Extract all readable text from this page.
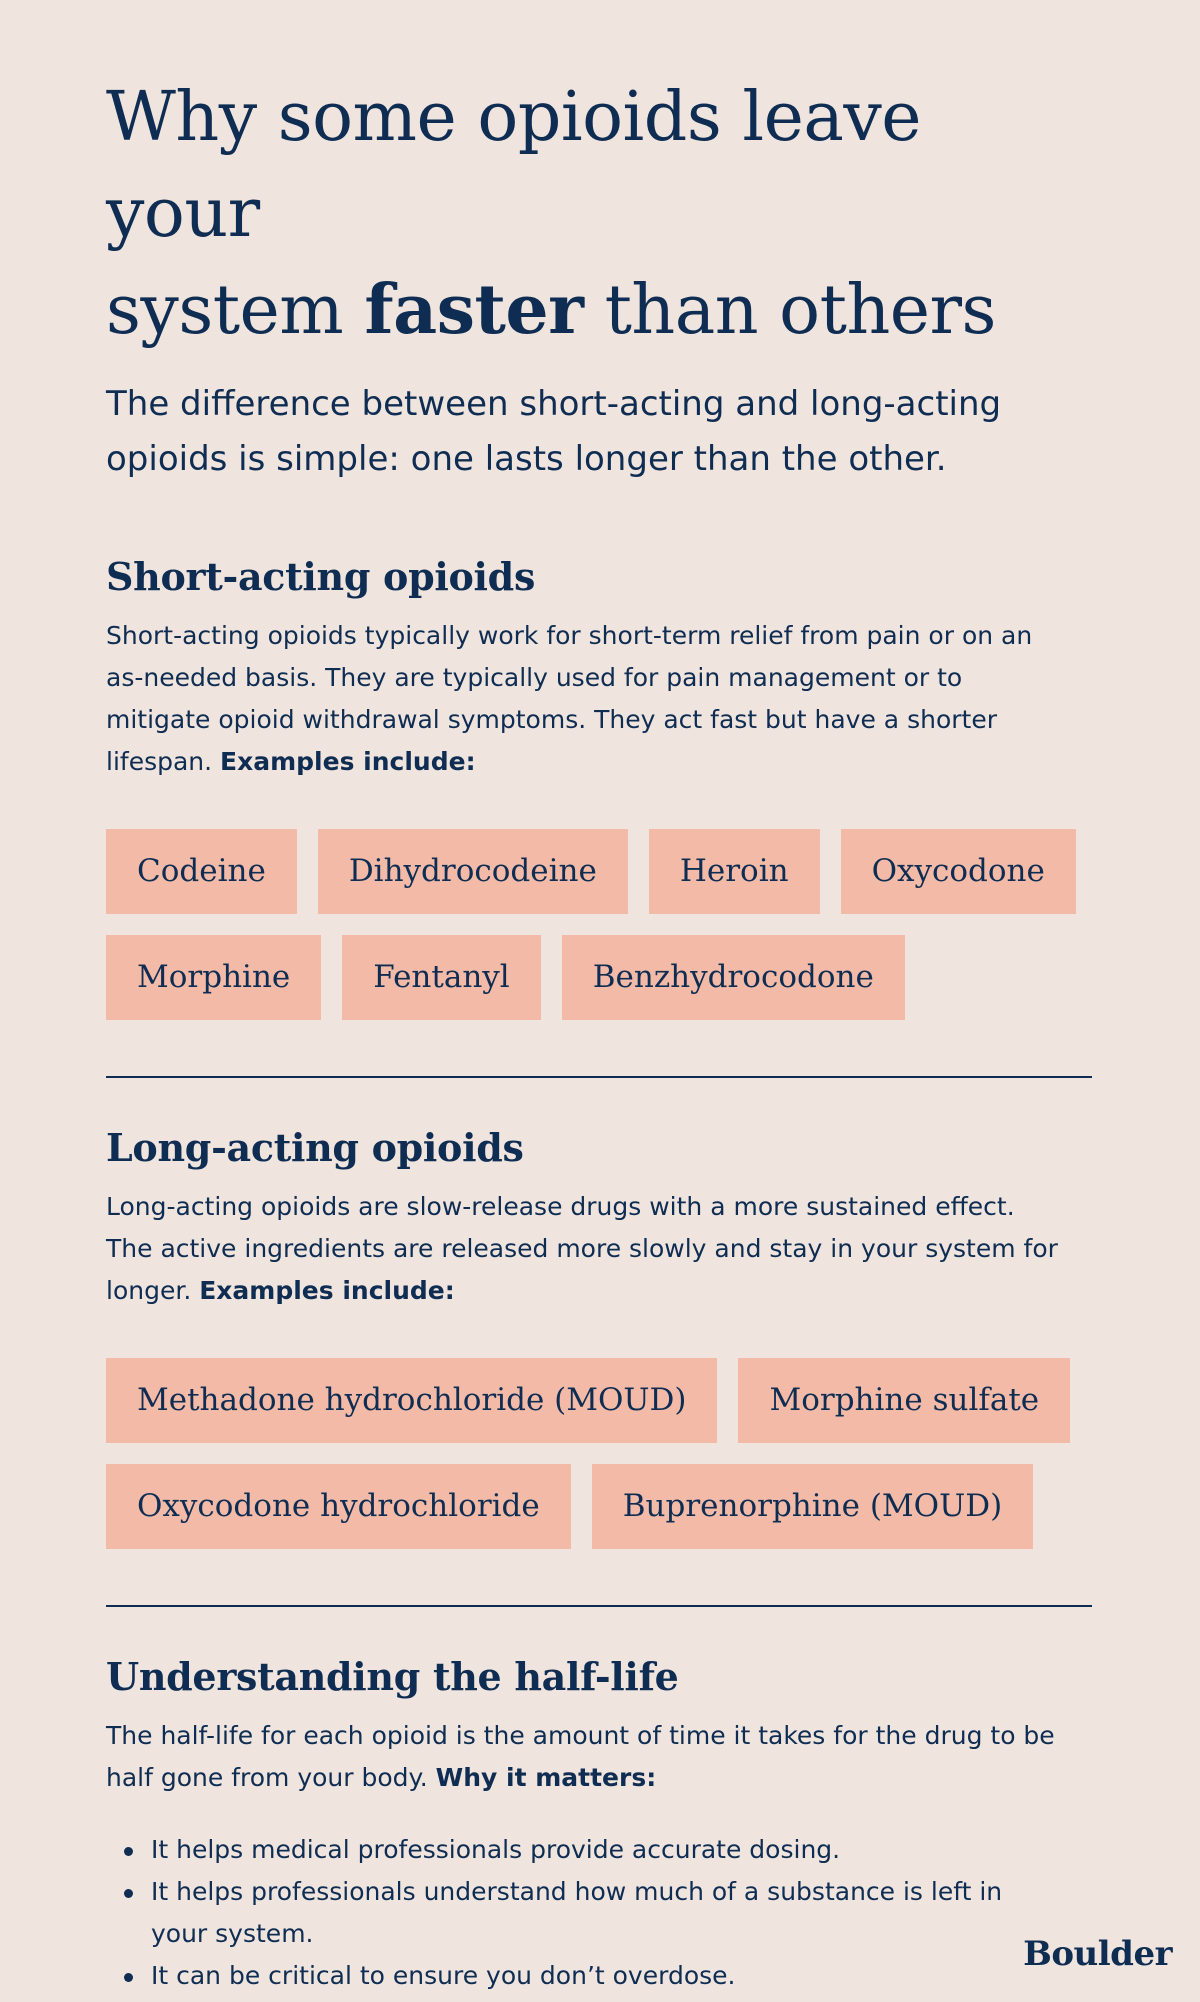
Why some opioids leave your
system faster than others

The difference between short-acting and long-acting opioids is simple: one lasts longer than the other.

Short-acting opioids

Short-acting opioids typically work for short-term relief from pain or on an as-needed basis. They are typically used for pain management or to mitigate opioid withdrawal symptoms. They act fast but have a shorter lifespan. Examples include:

Codeine	Dihydrocodeine	Heroin	Oxycodone
Morphine	Fentanyl	Benzhydrocodone
Long-acting opioids

Long-acting opioids are slow-release drugs with a more sustained effect. The active ingredients are released more slowly and stay in your system for longer. Examples include:

Methadone hydrochloride (MOUD)	Morphine sulfate
Oxycodone hydrochloride	Buprenorphine (MOUD)
Understanding the half-life

The half-life for each opioid is the amount of time it takes for the drug to be half gone from your body. Why it matters:

It helps medical professionals provide accurate dosing.
It helps professionals understand how much of a substance is left in your system.
It can be critical to ensure you don’t overdose.
Boulder
